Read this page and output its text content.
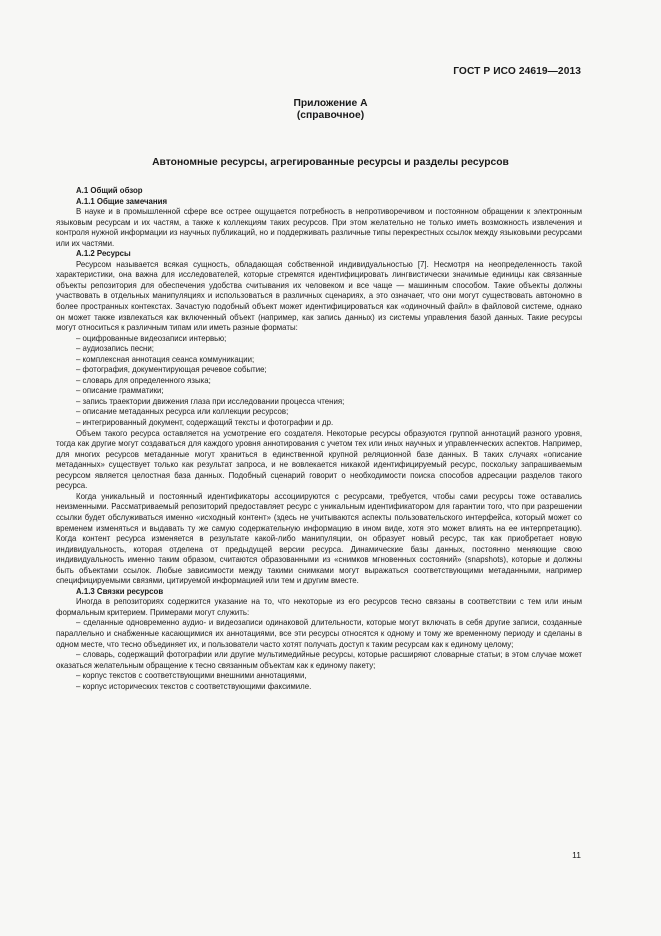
ГОСТ Р ИСО 24619—2013
Приложение А
(справочное)
Автономные ресурсы, агрегированные ресурсы и разделы ресурсов

А.1 Общий обзор

А.1.1 Общие замечания

В науке и в промышленной сфере все острее ощущается потребность в непротиворечивом и постоянном обращении к электронным языковым ресурсам и их частям, а также к коллекциям таких ресурсов. При этом желательно не только иметь возможность извлечения и контроля нужной информации из научных публикаций, но и поддерживать различные типы перекрестных ссылок между языковыми ресурсами или их частями.

А.1.2 Ресурсы

Ресурсом называется всякая сущность, обладающая собственной индивидуальностью [7]. Несмотря на неопределенность такой характеристики, она важна для исследователей, которые стремятся идентифицировать лингвистически значимые единицы как связанные объекты репозитория для обеспечения удобства считывания их человеком и все чаще — машинным способом. Такие объекты должны участвовать в отдельных манипуляциях и использоваться в различных сценариях, а это означает, что они могут существовать автономно в более пространных контекстах. Зачастую подобный объект может идентифицироваться как «одиночный файл» в файловой системе, однако он может также извлекаться как включенный объект (например, как запись данных) из системы управления базой данных. Такие ресурсы могут относиться к различным типам или иметь разные форматы:

– оцифрованные видеозаписи интервью;

– аудиозапись песни;

– комплексная аннотация сеанса коммуникации;

– фотография, документирующая речевое событие;

– словарь для определенного языка;

– описание грамматики;

– запись траектории движения глаза при исследовании процесса чтения;

– описание метаданных ресурса или коллекции ресурсов;

– интегрированный документ, содержащий тексты и фотографии и др.

Объем такого ресурса оставляется на усмотрение его создателя. Некоторые ресурсы образуются группой аннотаций разного уровня, тогда как другие могут создаваться для каждого уровня аннотирования с учетом тех или иных научных и управленческих аспектов. Например, для многих ресурсов метаданные могут храниться в единственной крупной реляционной базе данных. В таких случаях «описание метаданных» существует только как результат запроса, и не вовлекается никакой идентифицируемый ресурс, поскольку запрашиваемым ресурсом является целостная база данных. Подобный сценарий говорит о необходимости поиска способов адресации разделов такого ресурса.

Когда уникальный и постоянный идентификаторы ассоциируются с ресурсами, требуется, чтобы сами ресурсы тоже оставались неизменными. Рассматриваемый репозиторий предоставляет ресурс с уникальным идентификатором для гарантии того, что при разрешении ссылки будет обслуживаться именно «исходный контент» (здесь не учитываются аспекты пользовательского интерфейса, который может со временем изменяться и выдавать ту же самую содержательную информацию в ином виде, хотя это может влиять на ее интерпретацию). Когда контент ресурса изменяется в результате какой-либо манипуляции, он образует новый ресурс, так как приобретает новую индивидуальность, которая отделена от предыдущей версии ресурса. Динамические базы данных, постоянно меняющие свою индивидуальность именно таким образом, считаются образованными из «снимков мгновенных состояний» (snapshots), которые и должны быть объектами ссылок. Любые зависимости между такими снимками могут выражаться соответствующими метаданными, например специфицируемыми связями, цитируемой информацией или тем и другим вместе.

А.1.3 Связки ресурсов

Иногда в репозиториях содержится указание на то, что некоторые из его ресурсов тесно связаны в соответствии с тем или иным формальным критерием. Примерами могут служить:

– сделанные одновременно аудио- и видеозаписи одинаковой длительности, которые могут включать в себя другие записи, созданные параллельно и снабженные касающимися их аннотациями, все эти ресурсы относятся к одному и тому же временному периоду и сделаны в одном месте, что тесно объединяет их, и пользователи часто хотят получать доступ к таким ресурсам как к единому целому;

– словарь, содержащий фотографии или другие мультимедийные ресурсы, которые расширяют словарные статьи; в этом случае может оказаться желательным обращение к тесно связанным объектам как к единому пакету;

– корпус текстов с соответствующими внешними аннотациями,

– корпус исторических текстов с соответствующими факсимиле.

11
